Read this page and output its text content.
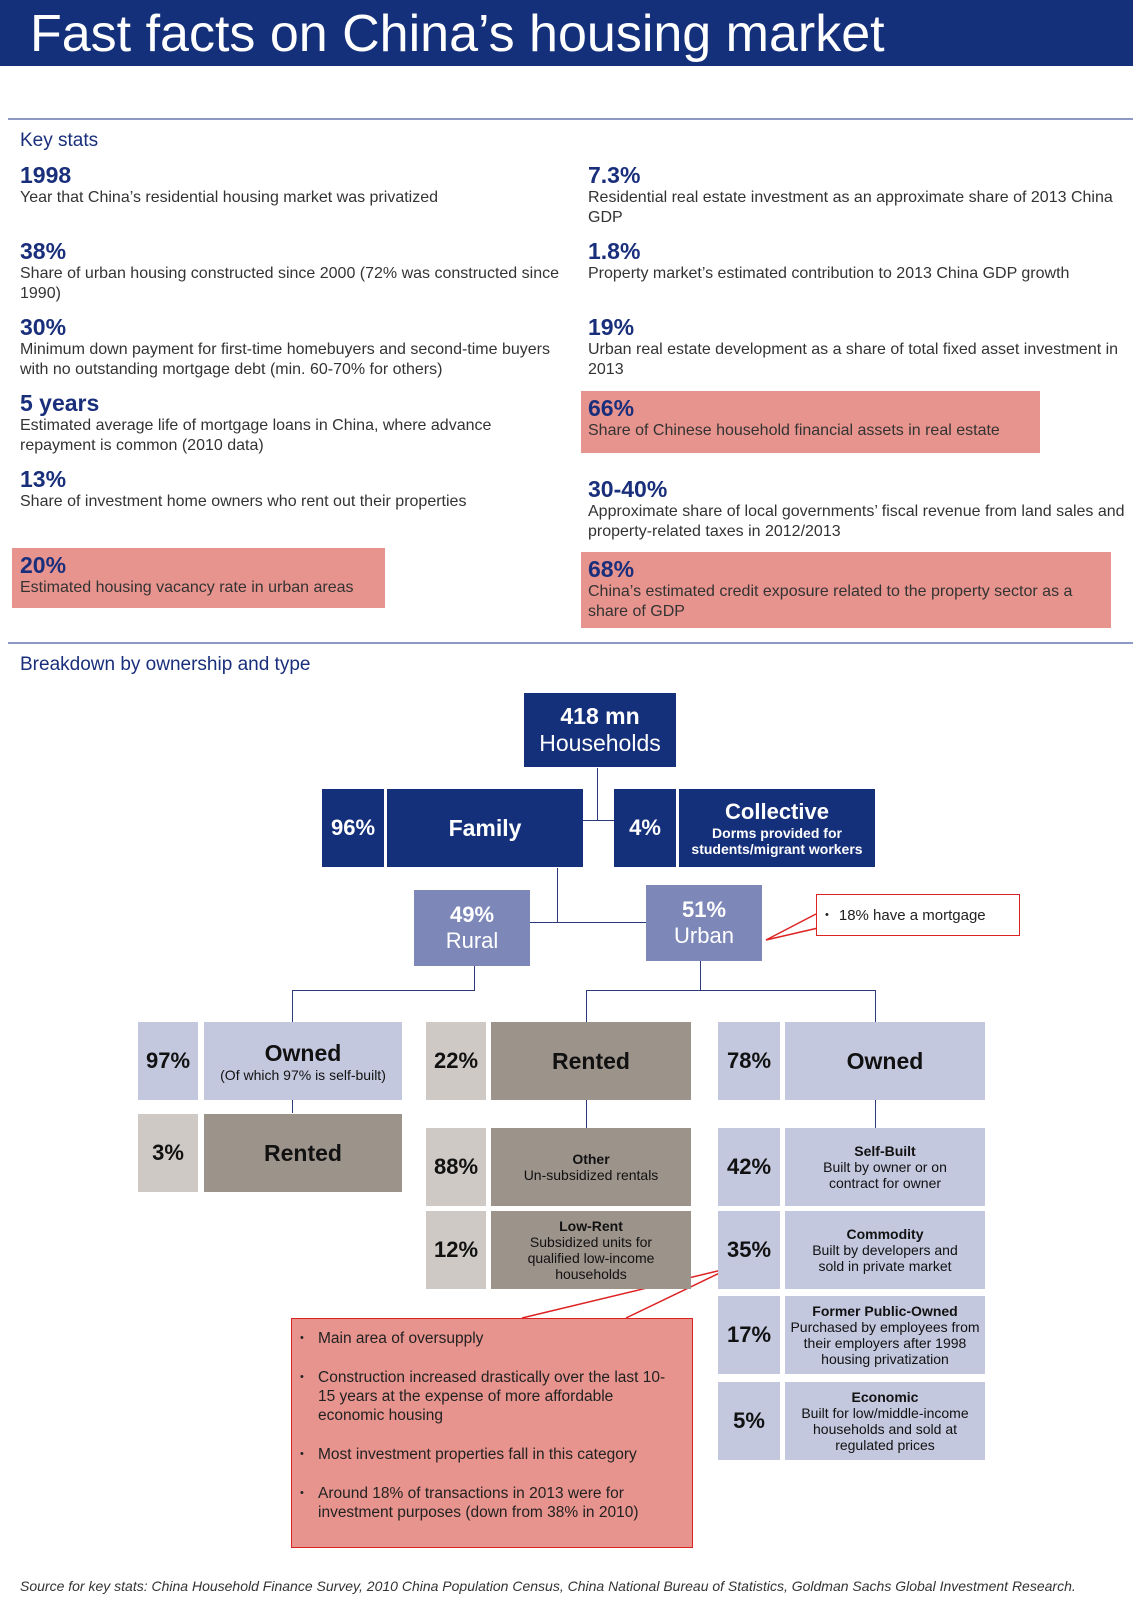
Fast facts on China’s housing market
Key stats
1998
Year that China’s residential housing market was privatized
38%
Share of urban housing constructed since 2000 (72% was constructed since 1990)
30%
Minimum down payment for first-time homebuyers and second-time buyers with no outstanding mortgage debt (min. 60-70% for others)
5 years
Estimated average life of mortgage loans in China, where advance repayment is common (2010 data)
13%
Share of investment home owners who rent out their properties
20%
Estimated housing vacancy rate in urban areas
7.3%
Residential real estate investment as an approximate share of 2013 China GDP
1.8%
Property market’s estimated contribution to 2013 China GDP growth
19%
Urban real estate development as a share of total fixed asset investment in 2013
66%
Share of Chinese household financial assets in real estate
30-40%
Approximate share of local governments’ fiscal revenue from land sales and property-related taxes in 2012/2013
68%
China’s estimated credit exposure related to the property sector as a share of GDP
Breakdown by ownership and type
418 mn
Households
96%	Family	4%
Collective
Dorms provided for students/migrant workers
49%
Rural
51%
Urban
• 18% have a mortgage
97%	Owned
(Of which 97% is self-built)
3%	Rented
22%	Rented
88%	Other
Un-subsidized rentals
12%
Low-Rent
Subsidized units for qualified low-income households
78%	Owned
42%
Self-Built
Built by owner or on contract for owner
35%
Commodity
Built by developers and sold in private market
17%
Former Public-Owned
Purchased by employees from their employers after 1998 housing privatization
5%
Economic
Built for low/middle-income households and sold at regulated prices
• Main area of oversupply
• Construction increased drastically over the last 10-15 years at the expense of more affordable economic housing
• Most investment properties fall in this category
• Around 18% of transactions in 2013 were for investment purposes (down from 38% in 2010)
Source for key stats: China Household Finance Survey, 2010 China Population Census, China National Bureau of Statistics, Goldman Sachs Global Investment Research.
